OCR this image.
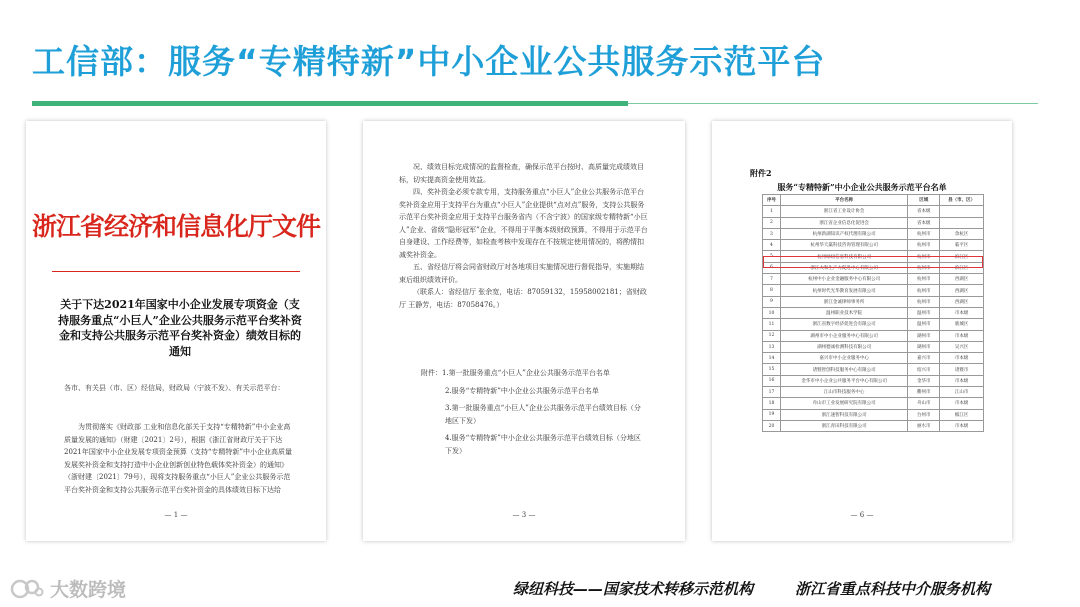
工信部：服务“专精特新”中小企业公共服务示范平台
浙江省经济和信息化厅文件
关于下达2021年国家中小企业发展专项资金（支持服务重点“小巨人”企业公共服务示范平台奖补资金和支持公共服务示范平台奖补资金）绩效目标的通知
各市、有关县（市、区）经信局，财政局（宁波不发）、有关示范平台：
为贯彻落实《财政部 工业和信息化部关于支持“专精特新”中小企业高质量发展的通知》（财建〔2021〕2号），根据《浙江省财政厅关于下达2021年国家中小企业发展专项资金预算（支持“专精特新”中小企业高质量发展奖补资金和支持打造中小企业创新创业特色载体奖补资金）的通知》（浙财建〔2021〕79号），现将支持服务重点“小巨人”企业公共服务示范平台奖补资金和支持公共服务示范平台奖补资金的具体绩效目标下达给
— 1 —

况、绩效目标完成情况的监督检查，确保示范平台按时、高质量完成绩效目标，切实提高资金使用效益。

四、奖补资金必须专款专用，支持服务重点“小巨人”企业公共服务示范平台奖补资金应用于支持平台为重点“小巨人”企业提供“点对点”服务，支持公共服务示范平台奖补资金应用于支持平台服务省内（不含宁波）的国家级专精特新“小巨人”企业、省级“隐形冠军”企业，不得用于平衡本级财政预算，不得用于示范平台自身建设、工作经费等，如检查考核中发现存在不按规定使用情况的，将酌情扣减奖补资金。

五、省经信厅将会同省财政厅对各地项目实施情况进行督促指导，实施期结束后组织绩效评价。

（联系人：省经信厅 张余宽，电话：87059132，15958002181；省财政厅 王静芳，电话：87058476。）

附件：1.第一批服务重点“小巨人”企业公共服务示范平台名单

2.服务“专精特新”中小企业公共服务示范平台名单

3.第一批服务重点“小巨人”企业公共服务示范平台绩效目标（分地区下发）

4.服务“专精特新”中小企业公共服务示范平台绩效目标（分地区下发）

— 3 —
附件2
服务“专精特新”中小企业公共服务示范平台名单
序号	平台名称	区域	县（市、区）
1	浙江省工业设计协会	省本级	
2	浙江省企业信息化促进会	省本级	
3	杭州新湖知识产权代理有限公司	杭州市	余杭区
4	杭州华天赢科技咨询管理有限公司	杭州市	临平区
5	杭州绿纽信息科技有限公司	杭州市	滨江区
6	浙江大和生产力促进中心有限公司	杭州市	滨江区
7	杭州中小企业金融服务中心有限公司	杭州市	西湖区
8	杭州时代光华教育发展有限公司	杭州市	西湖区
9	浙江金诚律师事务所	杭州市	西湖区
10	温州职业技术学院	温州市	市本级
11	浙江省数字经济促进会有限公司	温州市	鹿城区
12	湖州市中小企业服务中心有限公司	湖州市	市本级
13	湖州德诚检测科技有限公司	湖州市	吴兴区
14	嘉兴市中小企业服务中心	嘉兴市	市本级
15	诸暨智创科技服务中心有限公司	绍兴市	诸暨市
16	金华市中小企业公共服务平台中心有限公司	金华市	市本级
17	江山市科技服务中心	衢州市	江山市
18	舟山市工业发展研究院有限公司	舟山市	市本级
19	浙江速智科技有限公司	台州市	椒江区
20	浙江青田科技有限公司	丽水市	市本级
— 6 —
大数跨境	绿纽科技——国家技术转移示范机构	浙江省重点科技中介服务机构
